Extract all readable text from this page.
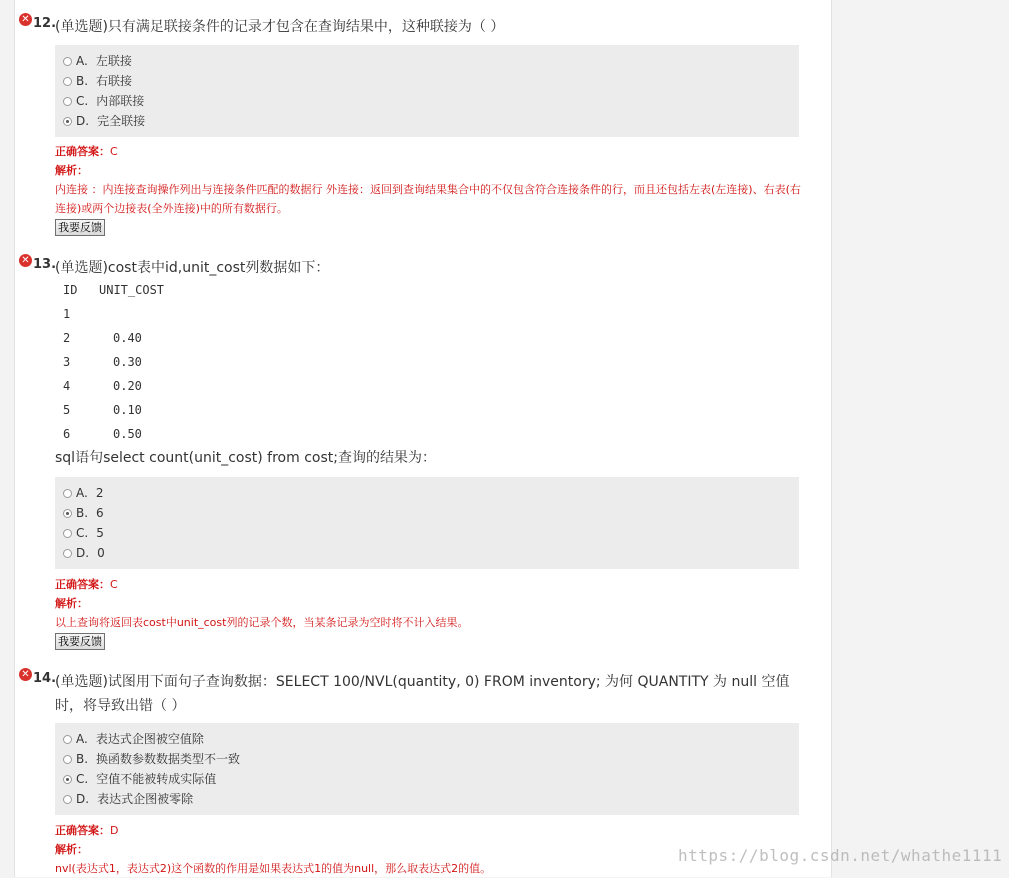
✕ 12.
(单选题)只有满足联接条件的记录才包含在查询结果中，这种联接为（ ）
A. 左联接
B. 右联接
C. 内部联接
D. 完全联接
正确答案：C
解析：
内连接 ：内连接查询操作列出与连接条件匹配的数据行 外连接：返回到查询结果集合中的不仅包含符合连接条件的行，而且还包括左表(左连接)、右表(右 连接)或两个边接表(全外连接)中的所有数据行。
我要反馈
✕ 13.
(单选题)cost表中id,unit_cost列数据如下：
ID UNIT_COST
1
2	0.40
3	0.30
4	0.20
5	0.10
6	0.50
sql语句select count(unit_cost) from cost;查询的结果为：
A. 2
B. 6
C. 5
D. 0
正确答案：C
解析：
以上查询将返回表cost中unit_cost列的记录个数，当某条记录为空时将不计入结果。
我要反馈
✕ 14.
(单选题)试图用下面句子查询数据：SELECT 100/NVL(quantity, 0) FROM inventory; 为何 QUANTITY 为 null 空值时，将导致出错（ ）
A. 表达式企图被空值除
B. 换函数参数数据类型不一致
C. 空值不能被转成实际值
D. 表达式企图被零除
正确答案：D
解析：
nvl(表达式1，表达式2)这个函数的作用是如果表达式1的值为null，那么取表达式2的值。
https://blog.csdn.net/whathe1111
